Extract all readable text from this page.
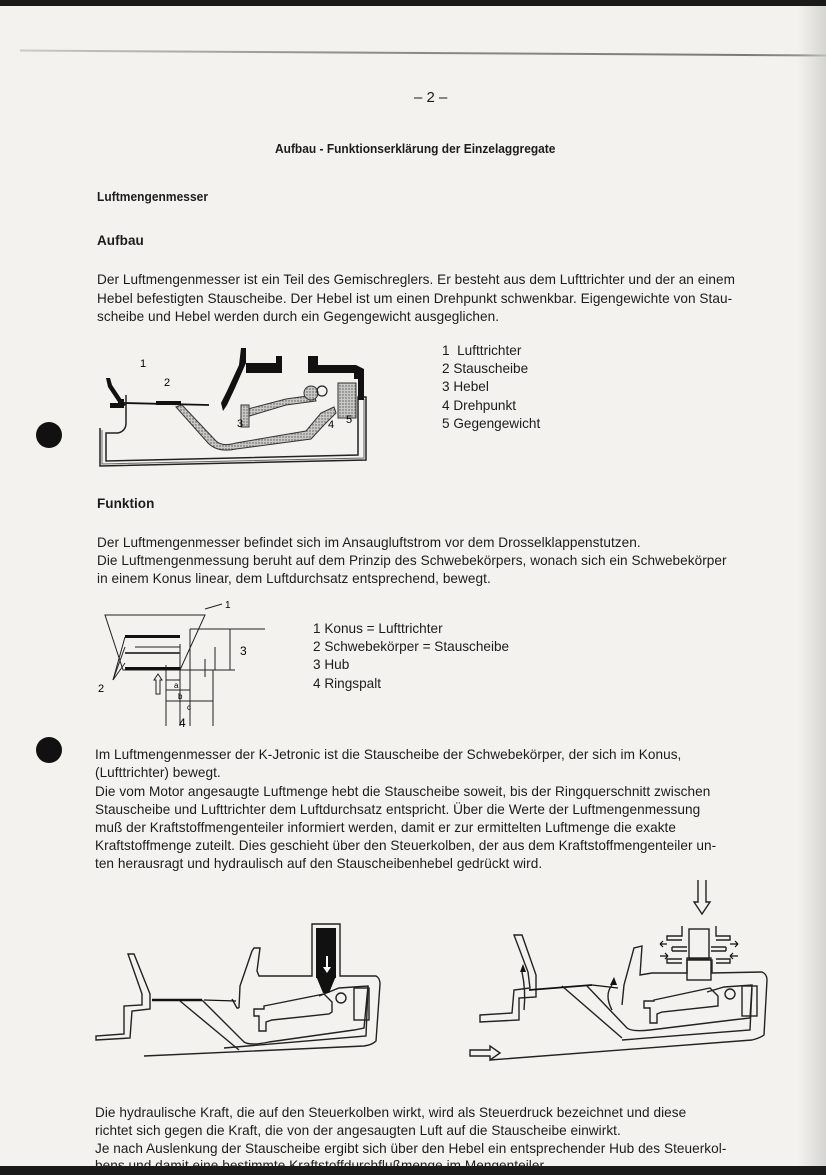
– 2 –
Aufbau - Funktionserklärung der Einzelaggregate
Luftmengenmesser
Aufbau
Der Luftmengenmesser ist ein Teil des Gemischreglers. Er besteht aus dem Lufttrichter und der an einem
Hebel befestigten Stauscheibe. Der Hebel ist um einen Drehpunkt schwenkbar. Eigengewichte von Stau-
scheibe und Hebel werden durch ein Gegengewicht ausgeglichen.
1
2
3	4 5
1 Lufttrichter
2 Stauscheibe
3 Hebel
4 Drehpunkt
5 Gegengewicht
Funktion
Der Luftmengenmesser befindet sich im Ansaugluftstrom vor dem Drosselklappenstutzen.
Die Luftmengenmessung beruht auf dem Prinzip des Schwebekörpers, wonach sich ein Schwebekörper
in einem Konus linear, dem Luftdurchsatz entsprechend, bewegt.
1
2
3
4
a
b
c
1 Konus = Lufttrichter
2 Schwebekörper = Stauscheibe
3 Hub
4 Ringspalt
Im Luftmengenmesser der K-Jetronic ist die Stauscheibe der Schwebekörper, der sich im Konus,
(Lufttrichter) bewegt.
Die vom Motor angesaugte Luftmenge hebt die Stauscheibe soweit, bis der Ringquerschnitt zwischen
Stauscheibe und Lufttrichter dem Luftdurchsatz entspricht. Über die Werte der Luftmengenmessung
muß der Kraftstoffmengenteiler informiert werden, damit er zur ermittelten Luftmenge die exakte
Kraftstoffmenge zuteilt. Dies geschieht über den Steuerkolben, der aus dem Kraftstoffmengenteiler un-
ten herausragt und hydraulisch auf den Stauscheibenhebel gedrückt wird.
Die hydraulische Kraft, die auf den Steuerkolben wirkt, wird als Steuerdruck bezeichnet und diese
richtet sich gegen die Kraft, die von der angesaugten Luft auf die Stauscheibe einwirkt.
Je nach Auslenkung der Stauscheibe ergibt sich über den Hebel ein entsprechender Hub des Steuerkol-
bens und damit eine bestimmte Kraftstoffdurchflußmenge im Mengenteiler.
